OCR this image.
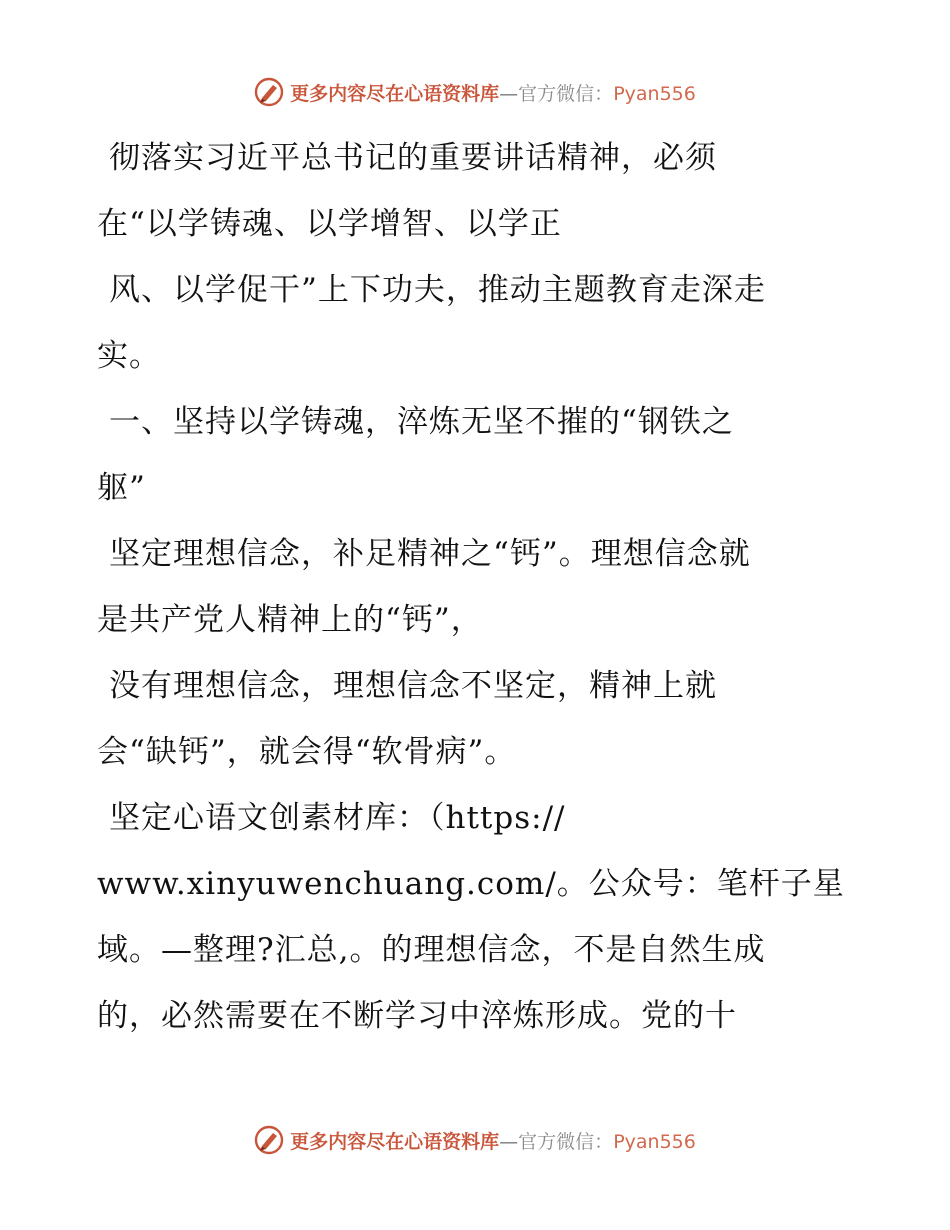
更多内容尽在心语资料库—官方微信：Pyan556

彻落实习近平总书记的重要讲话精神，必须
在“以学铸魂、以学增智、以学正

风、以学促干”上下功夫，推动主题教育走深走
实。

一、坚持以学铸魂，淬炼无坚不摧的“钢铁之
躯”

坚定理想信念，补足精神之“钙”。理想信念就
是共产党人精神上的“钙”，

没有理想信念，理想信念不坚定，精神上就
会“缺钙”，就会得“软骨病”。

坚定心语文创素材库：（https://
www.xinyuwenchuang.com/。公众号：笔杆子星
域。—整理?汇总,。的理想信念，不是自然生成
的，必然需要在不断学习中淬炼形成。党的十

更多内容尽在心语资料库—官方微信：Pyan556
